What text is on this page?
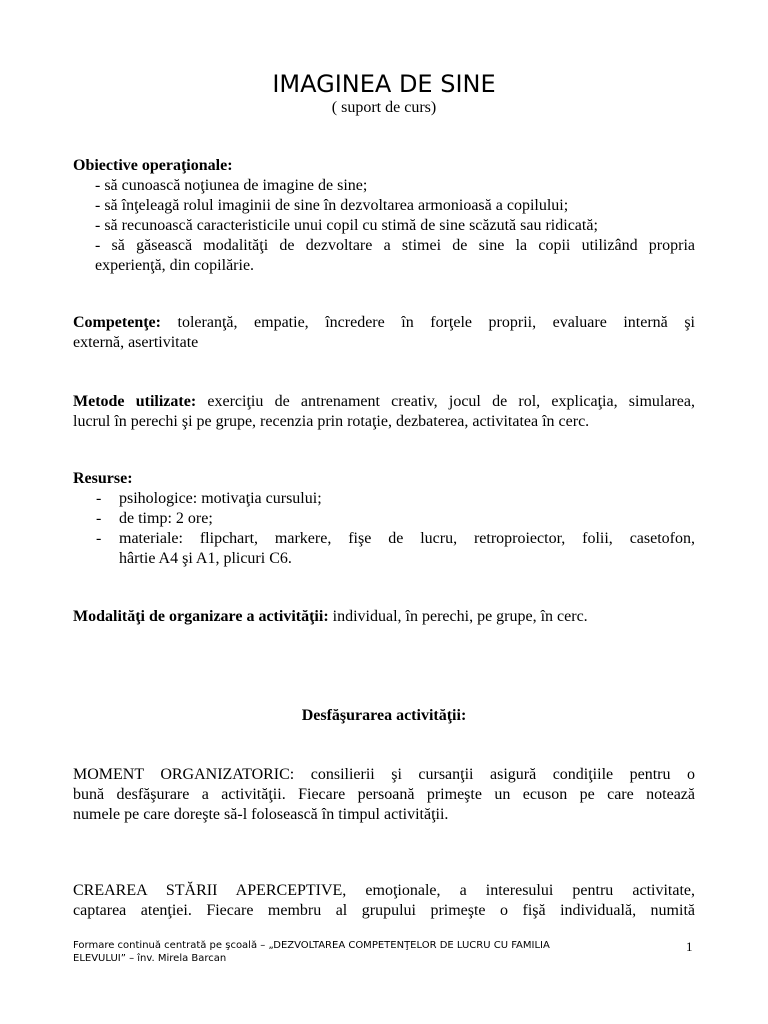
IMAGINEA DE SINE
( suport de curs)
Obiective operaţionale:
- să cunoască noţiunea de imagine de sine;
- să înţeleagă rolul imaginii de sine în dezvoltarea armonioasă a copilului;
- să recunoască caracteristicile unui copil cu stimă de sine scăzută sau ridicată;
- să găsească modalităţi de dezvoltare a stimei de sine la copii utilizând propria
experienţă, din copilărie.
Competenţe: toleranţă, empatie, încredere în forţele proprii, evaluare internă şi
externă, asertivitate
Metode utilizate: exerciţiu de antrenament creativ, jocul de rol, explicaţia, simularea,
lucrul în perechi şi pe grupe, recenzia prin rotaţie, dezbaterea, activitatea în cerc.
Resurse:
- psihologice: motivaţia cursului;
- de timp: 2 ore;
- materiale: flipchart, markere, fişe de lucru, retroproiector, folii, casetofon,
hârtie A4 şi A1, plicuri C6.
Modalităţi de organizare a activităţii: individual, în perechi, pe grupe, în cerc.
Desfăşurarea activităţii:
MOMENT ORGANIZATORIC: consilierii şi cursanţii asigură condiţiile pentru o
bună desfăşurare a activităţii. Fiecare persoană primeşte un ecuson pe care notează
numele pe care doreşte să-l folosească în timpul activităţii.
CREAREA STĂRII APERCEPTIVE, emoţionale, a interesului pentru activitate,
captarea atenţiei. Fiecare membru al grupului primeşte o fişă individuală, numită
Formare continuă centrată pe şcoală – „DEZVOLTAREA COMPETENŢELOR DE LUCRU CU FAMILIA
ELEVULUI” – înv. Mirela Barcan
1
